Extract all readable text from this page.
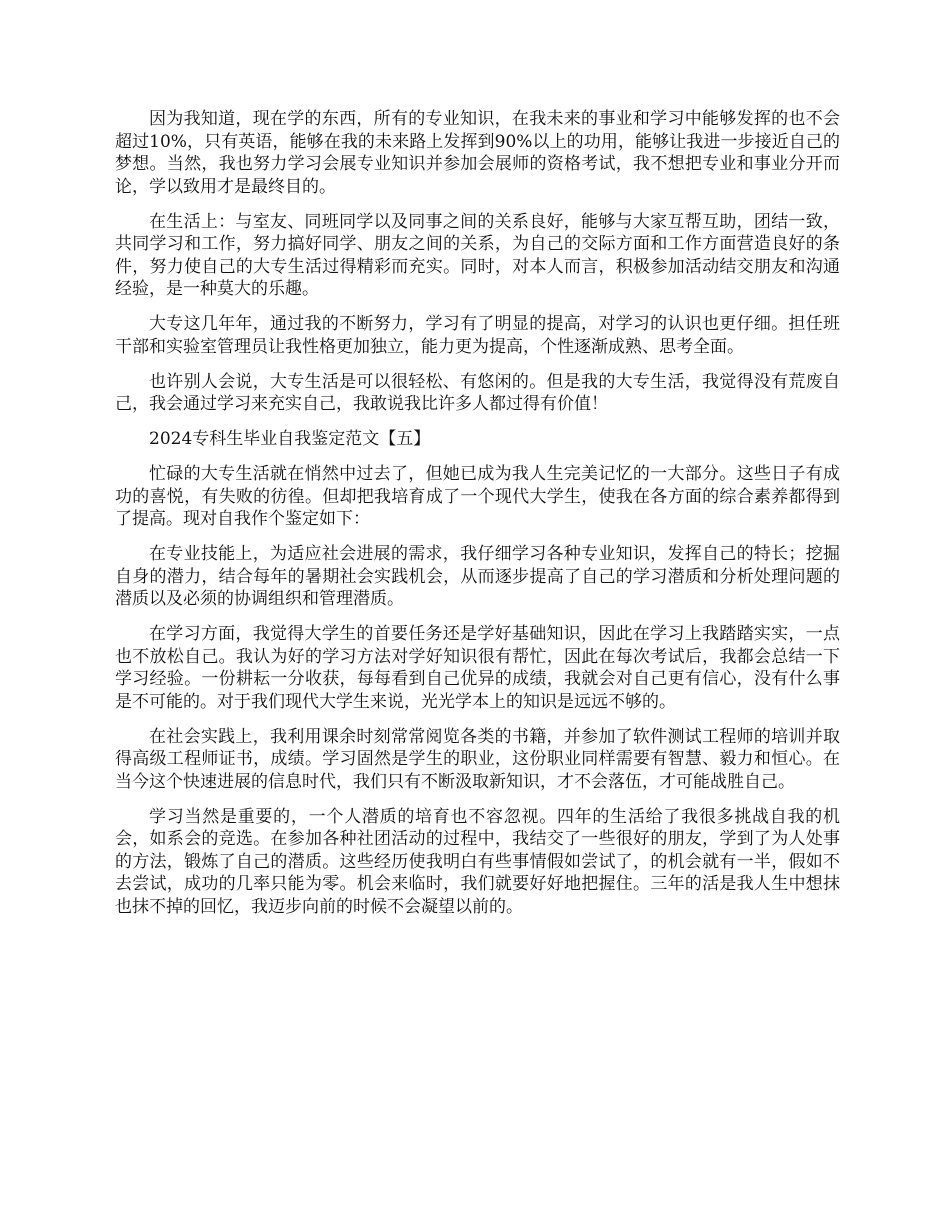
因为我知道，现在学的东西，所有的专业知识，在我未来的事业和学习中能够发挥的也不会超过10%，只有英语，能够在我的未来路上发挥到90%以上的功用，能够让我进一步接近自己的梦想。当然，我也努力学习会展专业知识并参加会展师的资格考试，我不想把专业和事业分开而论，学以致用才是最终目的。

在生活上：与室友、同班同学以及同事之间的关系良好，能够与大家互帮互助，团结一致，共同学习和工作，努力搞好同学、朋友之间的关系，为自己的交际方面和工作方面营造良好的条件，努力使自己的大专生活过得精彩而充实。同时，对本人而言，积极参加活动结交朋友和沟通经验，是一种莫大的乐趣。

大专这几年年，通过我的不断努力，学习有了明显的提高，对学习的认识也更仔细。担任班干部和实验室管理员让我性格更加独立，能力更为提高，个性逐渐成熟、思考全面。

也许别人会说，大专生活是可以很轻松、有悠闲的。但是我的大专生活，我觉得没有荒废自己，我会通过学习来充实自己，我敢说我比许多人都过得有价值！

2024专科生毕业自我鉴定范文【五】

忙碌的大专生活就在悄然中过去了，但她已成为我人生完美记忆的一大部分。这些日子有成功的喜悦，有失败的彷徨。但却把我培育成了一个现代大学生，使我在各方面的综合素养都得到了提高。现对自我作个鉴定如下：

在专业技能上，为适应社会进展的需求，我仔细学习各种专业知识，发挥自己的特长；挖掘自身的潜力，结合每年的暑期社会实践机会，从而逐步提高了自己的学习潜质和分析处理问题的潜质以及必须的协调组织和管理潜质。

在学习方面，我觉得大学生的首要任务还是学好基础知识，因此在学习上我踏踏实实，一点也不放松自己。我认为好的学习方法对学好知识很有帮忙，因此在每次考试后，我都会总结一下学习经验。一份耕耘一分收获，每每看到自己优异的成绩，我就会对自己更有信心，没有什么事是不可能的。对于我们现代大学生来说，光光学本上的知识是远远不够的。

在社会实践上，我利用课余时刻常常阅览各类的书籍，并参加了软件测试工程师的培训并取得高级工程师证书，成绩。学习固然是学生的职业，这份职业同样需要有智慧、毅力和恒心。在当今这个快速进展的信息时代，我们只有不断汲取新知识，才不会落伍，才可能战胜自己。

学习当然是重要的，一个人潜质的培育也不容忽视。四年的生活给了我很多挑战自我的机会，如系会的竞选。在参加各种社团活动的过程中，我结交了一些很好的朋友，学到了为人处事的方法，锻炼了自己的潜质。这些经历使我明白有些事情假如尝试了，的机会就有一半，假如不去尝试，成功的几率只能为零。机会来临时，我们就要好好地把握住。三年的活是我人生中想抹也抹不掉的回忆，我迈步向前的时候不会凝望以前的。
